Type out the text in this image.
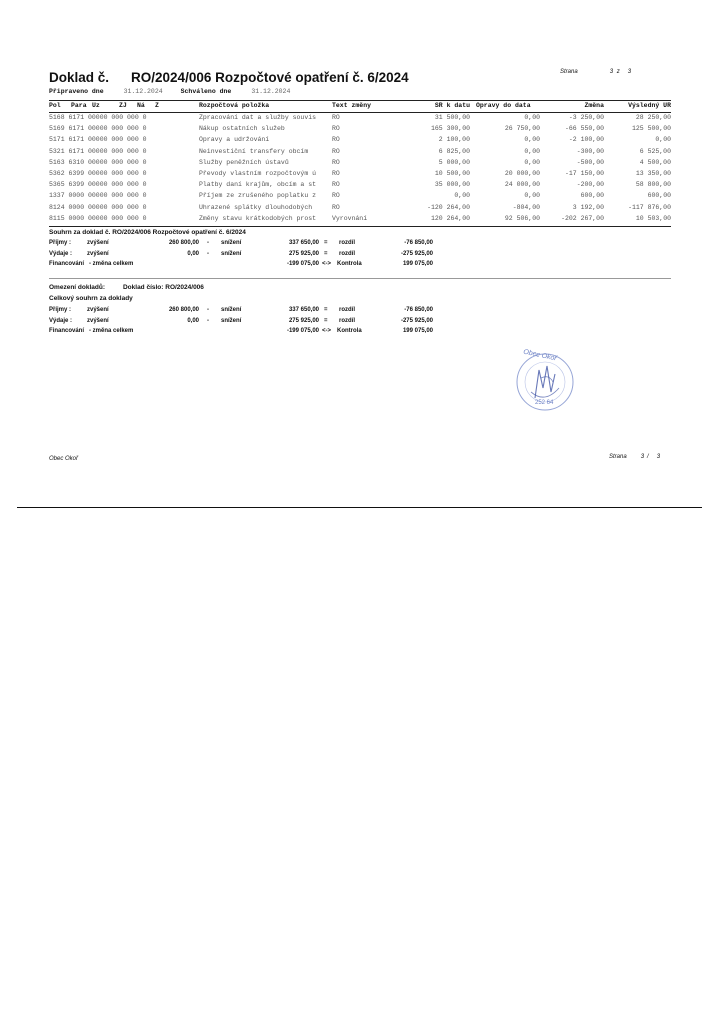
Doklad č. RO/2024/006 Rozpočtové opatření č. 6/2024	Strana	3 z 3
Připraveno dne	31.12.2024	Schváleno dne	31.12.2024
Pol Para Uz	ZJ Ná Z	Rozpočtová položka	Text změny	SR k datu Opravy do data	Změna	Výsledný UR
5168 6171 00000 000 000 0	Zpracování dat a služby souvis	RO	31 500,00	0,00	-3 250,00	28 250,00
5169 6171 00000 000 000 0	Nákup ostatních služeb	RO	165 300,00	26 750,00	-66 550,00	125 500,00
5171 6171 00000 000 000 0	Opravy a udržování	RO	2 100,00	0,00	-2 100,00	0,00
5321 6171 00000 000 000 0	Neinvestiční transfery obcím	RO	6 825,00	0,00	-300,00	6 525,00
5163 6310 00000 000 000 0	Služby peněžních ústavů	RO	5 000,00	0,00	-500,00	4 500,00
5362 6399 00000 000 000 0	Převody vlastním rozpočtovým ú	RO	10 500,00	20 000,00	-17 150,00	13 350,00
5365 6399 00000 000 000 0	Platby daní krajům, obcím a st	RO	35 000,00	24 000,00	-200,00	58 800,00
1337 0000 00000 000 000 0	Příjem ze zrušeného poplatku z	RO	0,00	0,00	600,00	600,00
8124 0000 00000 000 000 0	Uhrazené splátky dlouhodobých	RO	-120 264,00	-804,00	3 192,00	-117 876,00
8115 0000 00000 000 000 0	Změny stavu krátkodobých prost	Vyrovnání	120 264,00	92 506,00	-202 267,00	10 503,00
Souhrn za doklad č. RO/2024/006 Rozpočtové opatření č. 6/2024
Příjmy :	zvýšení	260 800,00 - snížení	337 650,00 = rozdíl	-76 850,00
Výdaje : zvýšení	0,00 - snížení	275 925,00 = rozdíl	-275 925,00
Financování - změna celkem	-199 075,00 <-> Kontrola	199 075,00
Omezení dokladů:	Doklad číslo: RO/2024/006
Celkový souhrn za doklady
Příjmy :	zvýšení	260 800,00 - snížení	337 650,00 = rozdíl	-76 850,00
Výdaje : zvýšení	0,00 - snížení	275 925,00 = rozdíl	-275 925,00
Financování - změna celkem	-199 075,00 <-> Kontrola	199 075,00
Obec Okoř
252 64
Obec Okoř	Strana 3 / 3
